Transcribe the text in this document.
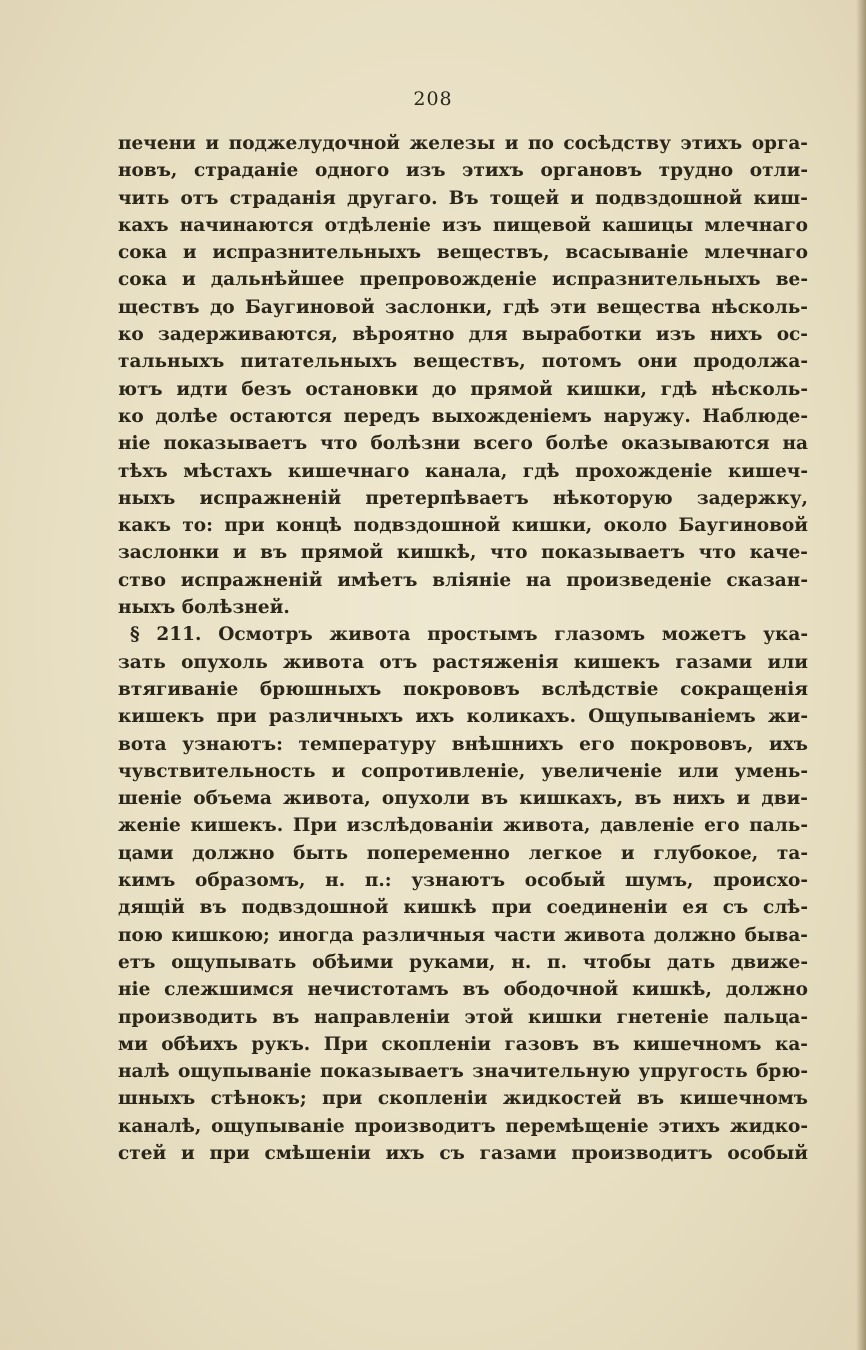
208
печени и поджелудочной железы и по сосѣдству этихъ орга-
новъ, страданіе одного изъ этихъ органовъ трудно отли-
чить отъ страданія другаго. Въ тощей и подвздошной киш-
кахъ начинаются отдѣленіе изъ пищевой кашицы млечнаго
сока и испразнительныхъ веществъ, всасываніе млечнаго
сока и дальнѣйшее препровожденіе испразнительныхъ ве-
ществъ до Баугиновой заслонки, гдѣ эти вещества нѣсколь-
ко задерживаются, вѣроятно для выработки изъ нихъ ос-
тальныхъ питательныхъ веществъ, потомъ они продолжа-
ютъ идти безъ остановки до прямой кишки, гдѣ нѣсколь-
ко долѣе остаются передъ выхожденіемъ наружу. Наблюде-
ніе показываетъ что болѣзни всего болѣе оказываются на
тѣхъ мѣстахъ кишечнаго канала, гдѣ прохожденіе кишеч-
ныхъ испражненій претерпѣваетъ нѣкоторую задержку,
какъ то: при концѣ подвздошной кишки, около Баугиновой
заслонки и въ прямой кишкѣ, что показываетъ что каче-
ство испражненій имѣетъ вліяніе на произведеніе сказан-
ныхъ болѣзней.
§ 211. Осмотръ живота простымъ глазомъ можетъ ука-
зать опухоль живота отъ растяженія кишекъ газами или
втягиваніе брюшныхъ покрововъ вслѣдствіе сокращенія
кишекъ при различныхъ ихъ коликахъ. Ощупываніемъ жи-
вота узнаютъ: температуру внѣшнихъ его покрововъ, ихъ
чувствительность и сопротивленіе, увеличеніе или умень-
шеніе объема живота, опухоли въ кишкахъ, въ нихъ и дви-
женіе кишекъ. При изслѣдованіи живота, давленіе его паль-
цами должно быть попеременно легкое и глубокое, та-
кимъ образомъ, н. п.: узнаютъ особый шумъ, происхо-
дящій въ подвздошной кишкѣ при соединеніи ея съ слѣ-
пою кишкою; иногда различныя части живота должно быва-
етъ ощупывать обѣими руками, н. п. чтобы дать движе-
ніе слежшимся нечистотамъ въ ободочной кишкѣ, должно
производить въ направленіи этой кишки гнетеніе пальца-
ми обѣихъ рукъ. При скопленіи газовъ въ кишечномъ ка-
налѣ ощупываніе показываетъ значительную упругость брю-
шныхъ стѣнокъ; при скопленіи жидкостей въ кишечномъ
каналѣ, ощупываніе производитъ перемѣщеніе этихъ жидко-
стей и при смѣшеніи ихъ съ газами производитъ особый
